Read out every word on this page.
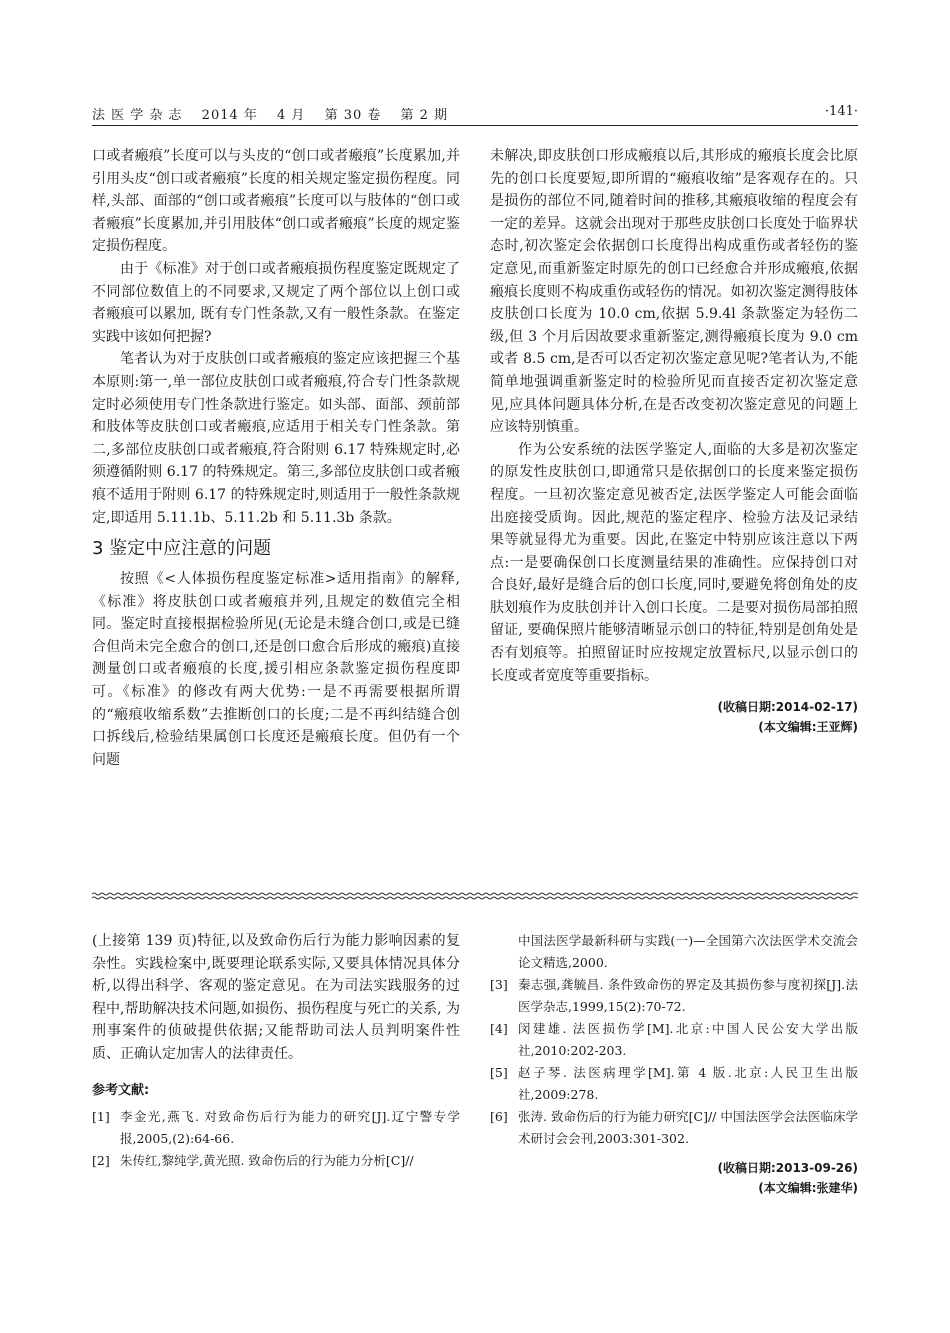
法 医 学 杂 志 2014 年 4 月 第 30 卷 第 2 期	·141·

口或者瘢痕”长度可以与头皮的“创口或者瘢痕”长度累加,并引用头皮“创口或者瘢痕”长度的相关规定鉴定损伤程度。同样,头部、面部的“创口或者瘢痕”长度可以与肢体的“创口或者瘢痕”长度累加,并引用肢体“创口或者瘢痕”长度的规定鉴定损伤程度。

由于《标准》对于创口或者瘢痕损伤程度鉴定既规定了不同部位数值上的不同要求,又规定了两个部位以上创口或者瘢痕可以累加, 既有专门性条款,又有一般性条款。在鉴定实践中该如何把握?

笔者认为对于皮肤创口或者瘢痕的鉴定应该把握三个基本原则:第一,单一部位皮肤创口或者瘢痕,符合专门性条款规定时必须使用专门性条款进行鉴定。如头部、面部、颈前部和肢体等皮肤创口或者瘢痕,应适用于相关专门性条款。第二,多部位皮肤创口或者瘢痕,符合附则 6.17 特殊规定时,必须遵循附则 6.17 的特殊规定。第三,多部位皮肤创口或者瘢痕不适用于附则 6.17 的特殊规定时,则适用于一般性条款规定,即适用 5.11.1b、5.11.2b 和 5.11.3b 条款。

3 鉴定中应注意的问题

按照《<人体损伤程度鉴定标准>适用指南》的解释,《标准》将皮肤创口或者瘢痕并列,且规定的数值完全相同。鉴定时直接根据检验所见(无论是未缝合创口,或是已缝合但尚未完全愈合的创口,还是创口愈合后形成的瘢痕)直接测量创口或者瘢痕的长度,援引相应条款鉴定损伤程度即可。《标准》的修改有两大优势:一是不再需要根据所谓的“瘢痕收缩系数”去推断创口的长度;二是不再纠结缝合创口拆线后,检验结果属创口长度还是瘢痕长度。但仍有一个问题

未解决,即皮肤创口形成瘢痕以后,其形成的瘢痕长度会比原先的创口长度要短,即所谓的“瘢痕收缩”是客观存在的。只是损伤的部位不同,随着时间的推移,其瘢痕收缩的程度会有一定的差异。这就会出现对于那些皮肤创口长度处于临界状态时,初次鉴定会依据创口长度得出构成重伤或者轻伤的鉴定意见,而重新鉴定时原先的创口已经愈合并形成瘢痕,依据瘢痕长度则不构成重伤或轻伤的情况。如初次鉴定测得肢体皮肤创口长度为 10.0 cm,依据 5.9.4l 条款鉴定为轻伤二级,但 3 个月后因故要求重新鉴定,测得瘢痕长度为 9.0 cm 或者 8.5 cm,是否可以否定初次鉴定意见呢?笔者认为,不能简单地强调重新鉴定时的检验所见而直接否定初次鉴定意见,应具体问题具体分析,在是否改变初次鉴定意见的问题上应该特别慎重。

作为公安系统的法医学鉴定人,面临的大多是初次鉴定的原发性皮肤创口,即通常只是依据创口的长度来鉴定损伤程度。一旦初次鉴定意见被否定,法医学鉴定人可能会面临出庭接受质询。因此,规范的鉴定程序、检验方法及记录结果等就显得尤为重要。因此,在鉴定中特别应该注意以下两点:一是要确保创口长度测量结果的准确性。应保持创口对合良好,最好是缝合后的创口长度,同时,要避免将创角处的皮肤划痕作为皮肤创并计入创口长度。二是要对损伤局部拍照留证, 要确保照片能够清晰显示创口的特征,特别是创角处是否有划痕等。拍照留证时应按规定放置标尺,以显示创口的长度或者宽度等重要指标。

(收稿日期:2014-02-17)
(本文编辑:王亚辉)

(上接第 139 页)特征,以及致命伤后行为能力影响因素的复杂性。实践检案中,既要理论联系实际,又要具体情况具体分析,以得出科学、客观的鉴定意见。在为司法实践服务的过程中,帮助解决技术问题,如损伤、损伤程度与死亡的关系, 为刑事案件的侦破提供依据;又能帮助司法人员判明案件性质、正确认定加害人的法律责任。

参考文献:
[1] 李金光,燕飞. 对致命伤后行为能力的研究[J].辽宁警专学报,2005,(2):64-66.
[2] 朱传红,黎纯学,黄光照. 致命伤后的行为能力分析[C]//
中国法医学最新科研与实践(一)—全国第六次法医学术交流会论文精选,2000.
[3] 秦志强,龚毓昌. 条件致命伤的界定及其损伤参与度初探[J].法医学杂志,1999,15(2):70-72.
[4] 闵建雄. 法医损伤学[M].北京:中国人民公安大学出版社,2010:202-203.
[5] 赵子琴. 法医病理学[M].第 4 版.北京:人民卫生出版社,2009:278.
[6] 张涛. 致命伤后的行为能力研究[C]// 中国法医学会法医临床学术研讨会会刊,2003:301-302.
(收稿日期:2013-09-26)
(本文编辑:张建华)
